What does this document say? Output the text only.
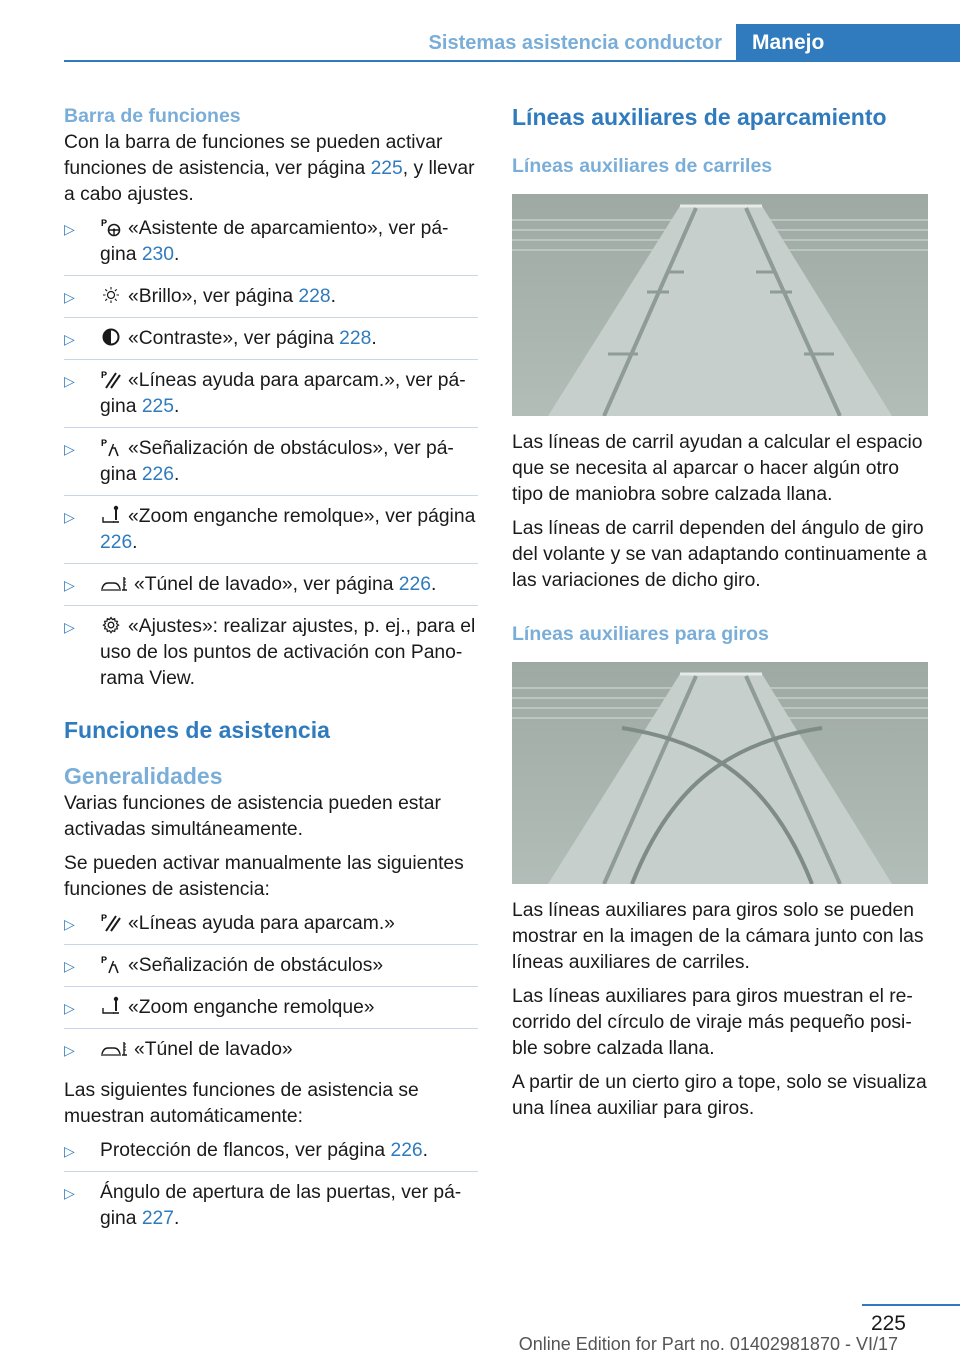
Sistemas asistencia conductor	Manejo
Barra de funciones

Con la barra de funciones se pueden activar funciones de asistencia, ver página 225, y llevar a cabo ajustes.

▷	P «Asistente de aparcamiento», ver página 230.
▷	«Brillo», ver página 228.
▷	«Contraste», ver página 228.
▷	P «Líneas ayuda para aparcam.», ver página 225.
▷	P «Señalización de obstáculos», ver página 226.
▷	«Zoom enganche remolque», ver página 226.
▷	«Túnel de lavado», ver página 226.
▷	«Ajustes»: realizar ajustes, p. ej., para el uso de los puntos de activación con Panorama View.
Funciones de asistencia
Generalidades

Varias funciones de asistencia pueden estar activadas simultáneamente.

Se pueden activar manualmente las siguientes funciones de asistencia:

▷	P «Líneas ayuda para aparcam.»
▷	P «Señalización de obstáculos»
▷	«Zoom enganche remolque»
▷	«Túnel de lavado»

Las siguientes funciones de asistencia se muestran automáticamente:

▷ Protección de flancos, ver página 226.
▷ Ángulo de apertura de las puertas, ver página 227.
Líneas auxiliares de aparcamiento
Líneas auxiliares de carriles

Las líneas de carril ayudan a calcular el espacio que se necesita al aparcar o hacer algún otro tipo de maniobra sobre calzada llana.

Las líneas de carril dependen del ángulo de giro del volante y se van adaptando continuamente a las variaciones de dicho giro.

Líneas auxiliares para giros

Las líneas auxiliares para giros solo se pueden mostrar en la imagen de la cámara junto con las líneas auxiliares de carriles.

Las líneas auxiliares para giros muestran el recorrido del círculo de viraje más pequeño posible sobre calzada llana.

A partir de un cierto giro a tope, solo se visualiza una línea auxiliar para giros.

225
Online Edition for Part no. 01402981870 - VI/17
